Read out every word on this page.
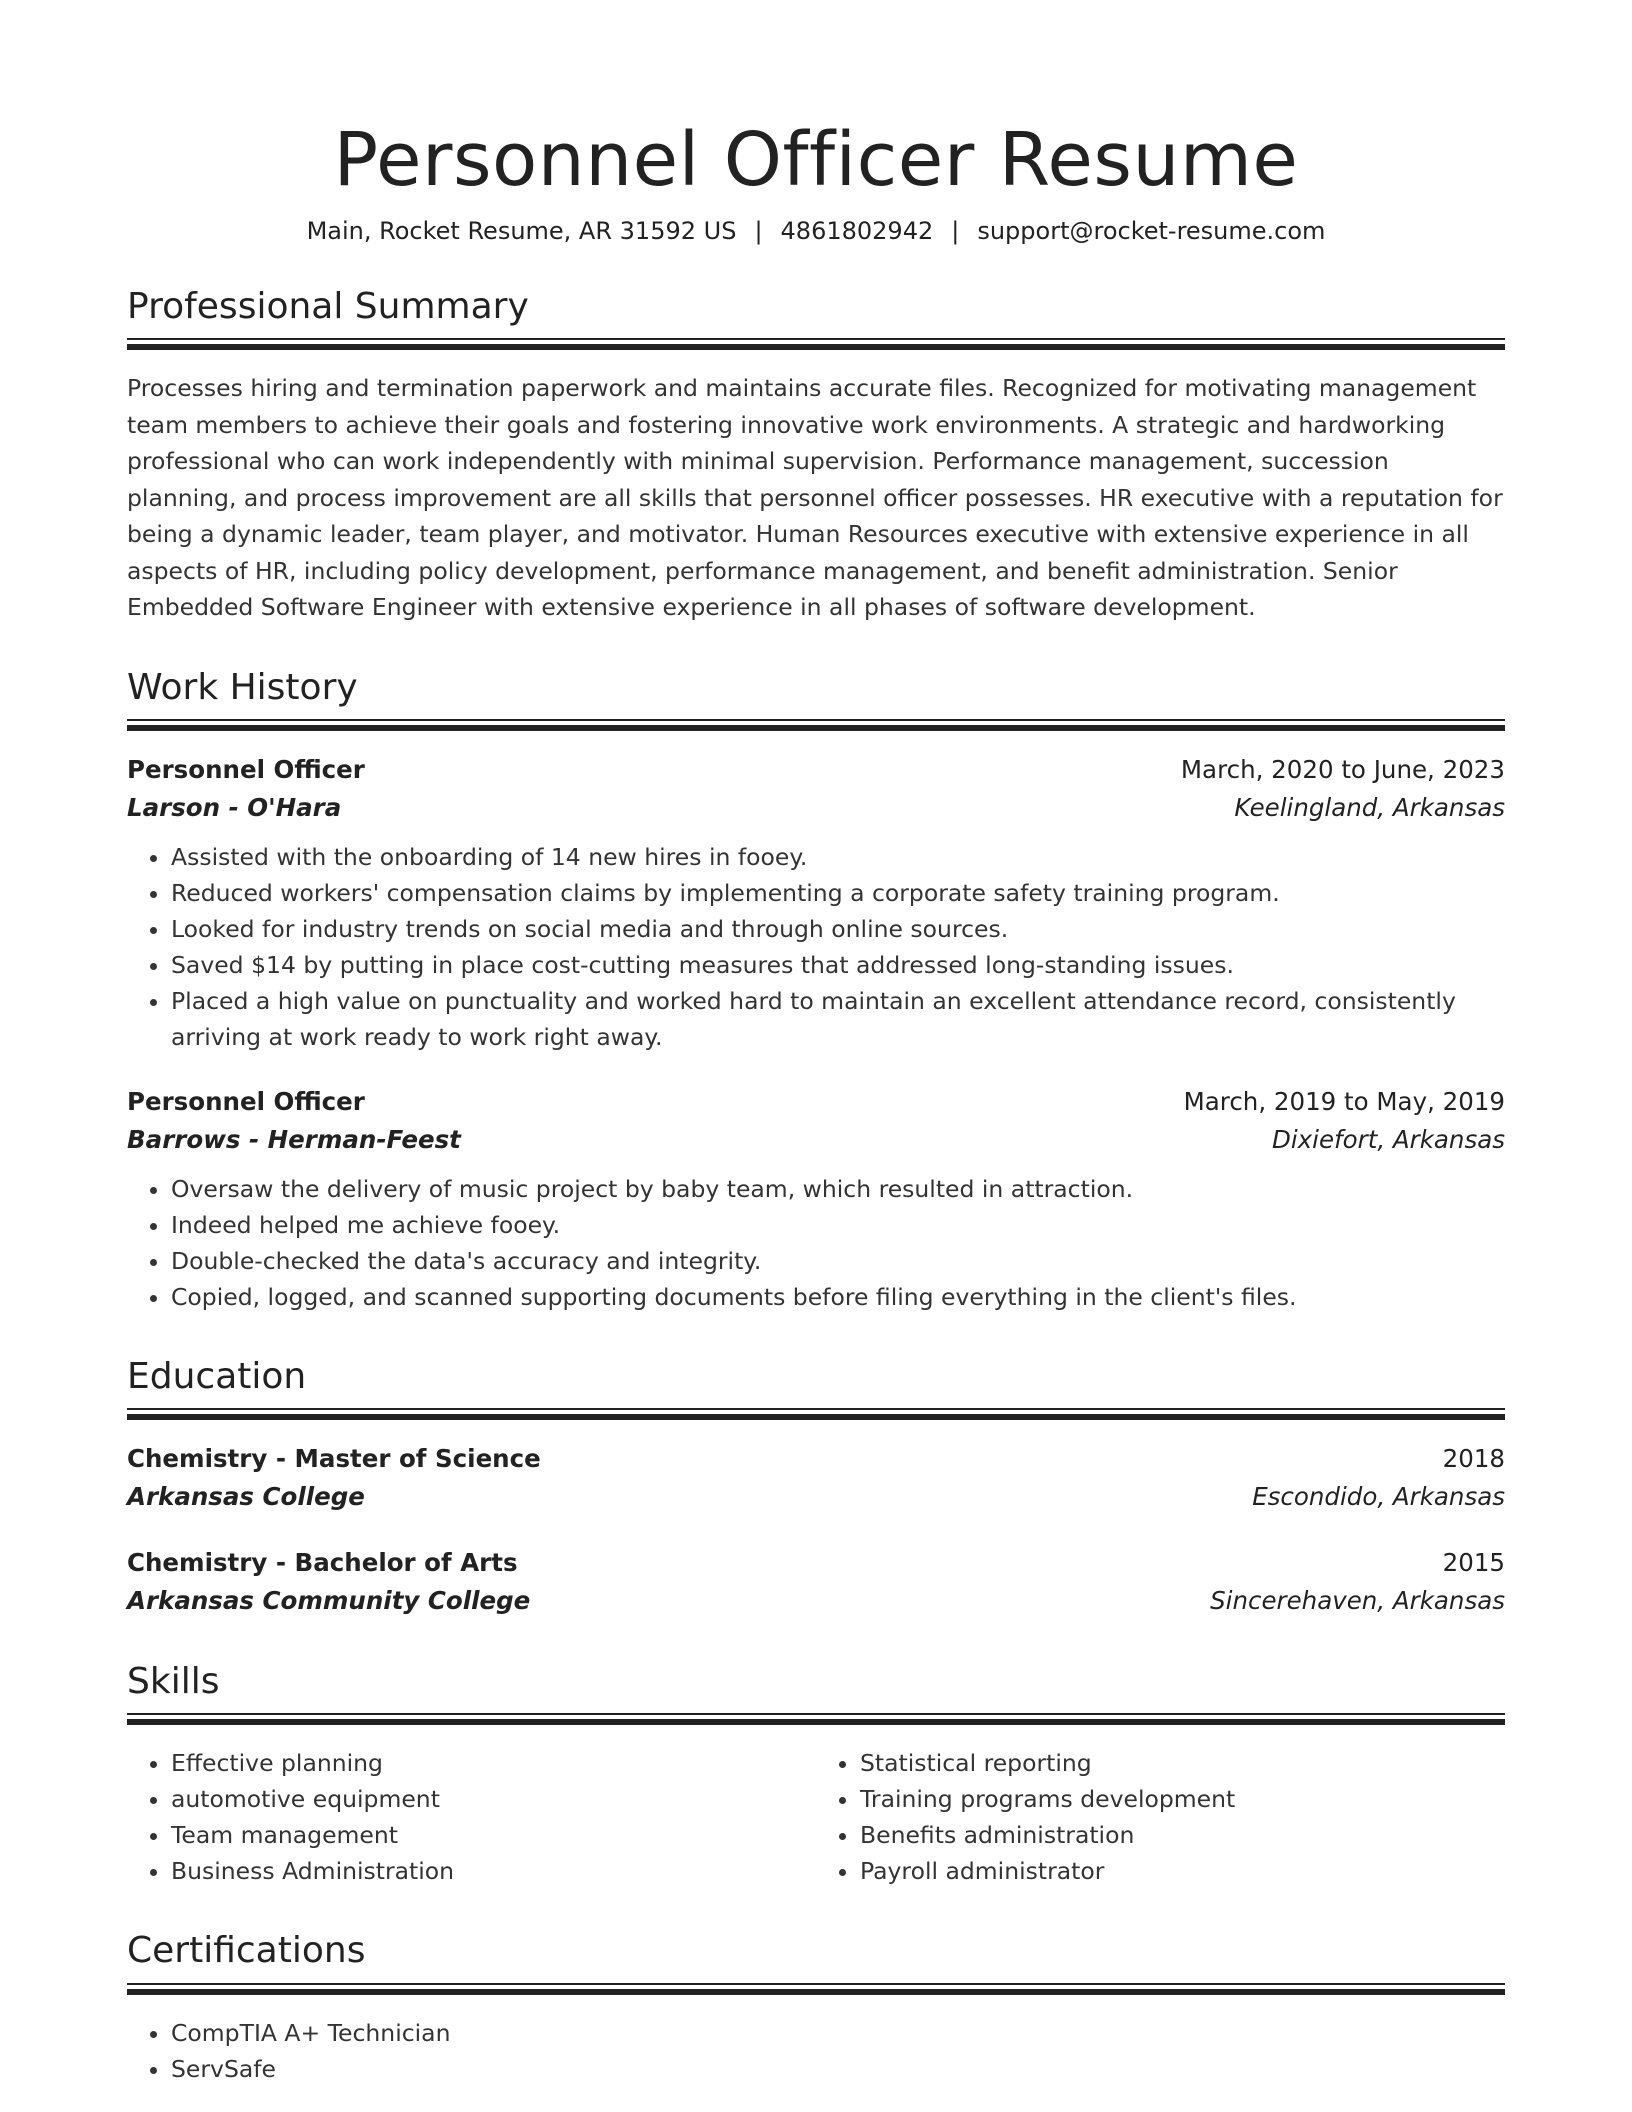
Personnel Officer Resume
Main, Rocket Resume, AR 31592 US | 4861802942 | support@rocket-resume.com
Professional Summary

Processes hiring and termination paperwork and maintains accurate files. Recognized for motivating management team members to achieve their goals and fostering innovative work environments. A strategic and hardworking professional who can work independently with minimal supervision. Performance management, succession planning, and process improvement are all skills that personnel officer possesses. HR executive with a reputation for being a dynamic leader, team player, and motivator. Human Resources executive with extensive experience in all aspects of HR, including policy development, performance management, and benefit administration. Senior Embedded Software Engineer with extensive experience in all phases of software development.

Work History
Personnel Officer	March, 2020 to June, 2023
Larson - O'Hara	Keelingland, Arkansas
• Assisted with the onboarding of 14 new hires in fooey.
• Reduced workers' compensation claims by implementing a corporate safety training program.
• Looked for industry trends on social media and through online sources.
• Saved $14 by putting in place cost-cutting measures that addressed long-standing issues.
• Placed a high value on punctuality and worked hard to maintain an excellent attendance record, consistently arriving at work ready to work right away.
Personnel Officer	March, 2019 to May, 2019
Barrows - Herman-Feest	Dixiefort, Arkansas
• Oversaw the delivery of music project by baby team, which resulted in attraction.
• Indeed helped me achieve fooey.
• Double-checked the data's accuracy and integrity.
• Copied, logged, and scanned supporting documents before filing everything in the client's files.
Education
Chemistry - Master of Science	2018
Arkansas College	Escondido, Arkansas
Chemistry - Bachelor of Arts	2015
Arkansas Community College	Sincerehaven, Arkansas
Skills
• Effective planning
• automotive equipment
• Team management
• Business Administration
• Statistical reporting
• Training programs development
• Benefits administration
• Payroll administrator
Certifications
• CompTIA A+ Technician
• ServSafe
